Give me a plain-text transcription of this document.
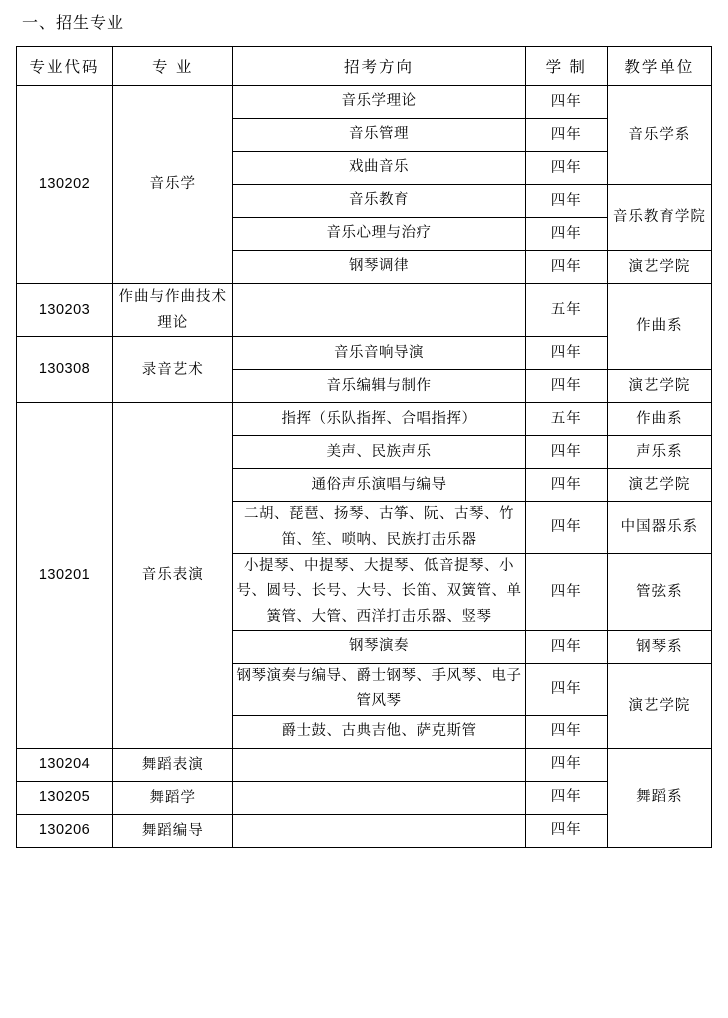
一、招生专业
专业代码	专 业	招考方向	学 制	教学单位
130202	音乐学	音乐学理论	四年	音乐学系
		音乐管理	四年	
		戏曲音乐	四年	
		音乐教育	四年	音乐教育学院
		音乐心理与治疗	四年	
		钢琴调律	四年	演艺学院
130203	作曲与作曲技术理论		五年	作曲系
130308	录音艺术	音乐音响导演	四年	
		音乐编辑与制作	四年	演艺学院
130201	音乐表演	指挥（乐队指挥、合唱指挥）	五年	作曲系
		美声、民族声乐	四年	声乐系
		通俗声乐演唱与编导	四年	演艺学院
		二胡、琵琶、扬琴、古筝、阮、古琴、竹笛、笙、唢呐、民族打击乐器	四年	中国器乐系
		小提琴、中提琴、大提琴、低音提琴、小号、圆号、长号、大号、长笛、双簧管、单簧管、大管、西洋打击乐器、竖琴	四年	管弦系
		钢琴演奏	四年	钢琴系
		钢琴演奏与编导、爵士钢琴、手风琴、电子管风琴	四年	演艺学院
		爵士鼓、古典吉他、萨克斯管	四年	
130204	舞蹈表演		四年	舞蹈系
130205	舞蹈学		四年	
130206	舞蹈编导		四年	
